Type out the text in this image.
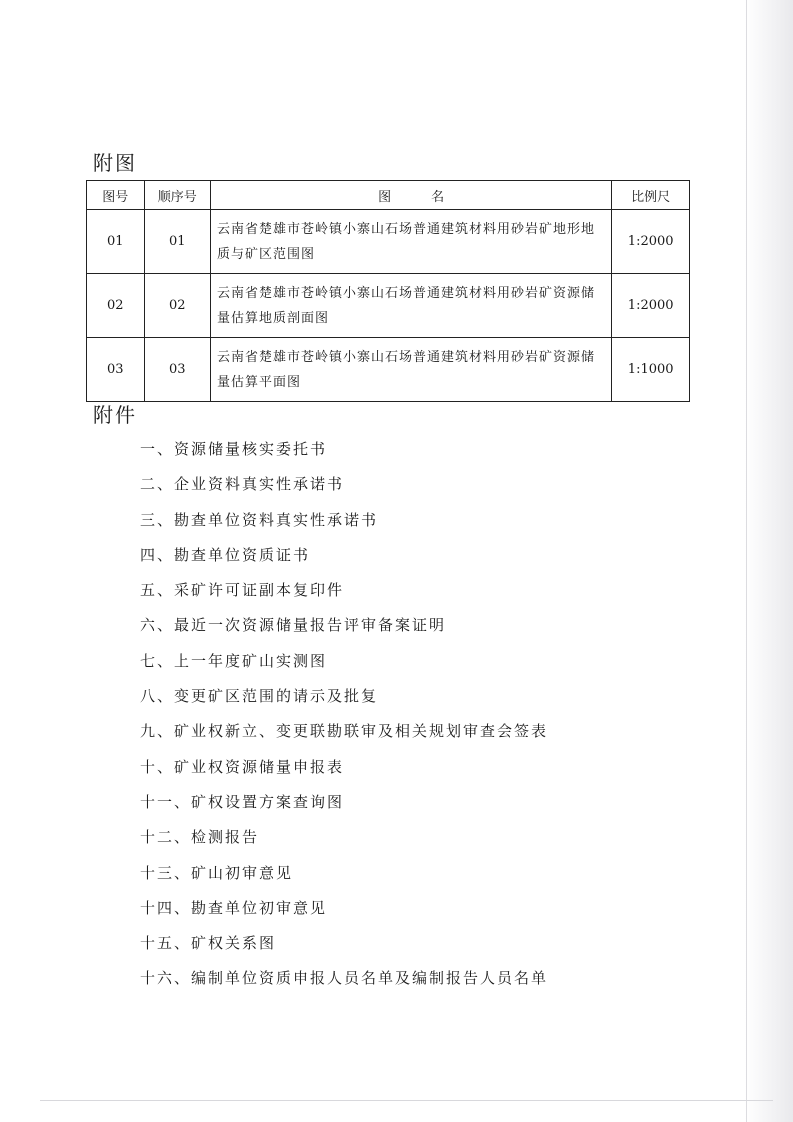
附图
图号	顺序号	图名	比例尺
01	01	云南省楚雄市苍岭镇小寨山石场普通建筑材料用砂岩矿地形地质与矿区范围图	1:2000
02	02	云南省楚雄市苍岭镇小寨山石场普通建筑材料用砂岩矿资源储量估算地质剖面图	1:2000
03	03	云南省楚雄市苍岭镇小寨山石场普通建筑材料用砂岩矿资源储量估算平面图	1:1000
附件
一、资源储量核实委托书
二、企业资料真实性承诺书
三、勘查单位资料真实性承诺书
四、勘查单位资质证书
五、采矿许可证副本复印件
六、最近一次资源储量报告评审备案证明
七、上一年度矿山实测图
八、变更矿区范围的请示及批复
九、矿业权新立、变更联勘联审及相关规划审查会签表
十、矿业权资源储量申报表
十一、矿权设置方案查询图
十二、检测报告
十三、矿山初审意见
十四、勘查单位初审意见
十五、矿权关系图
十六、编制单位资质申报人员名单及编制报告人员名单
